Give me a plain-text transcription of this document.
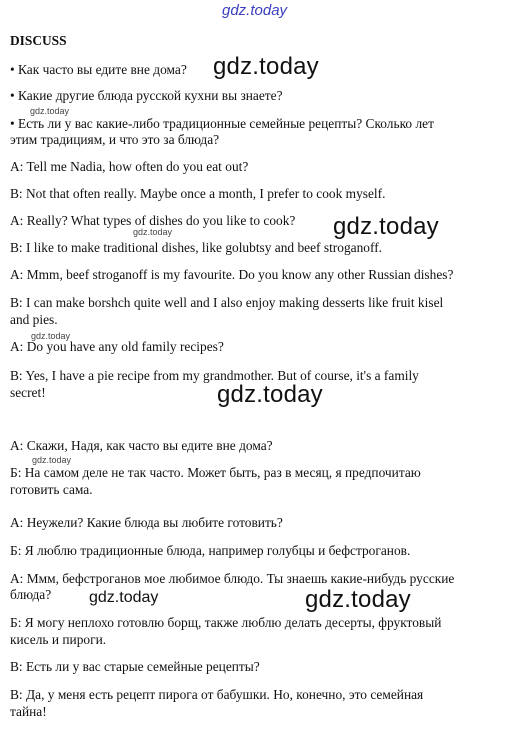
gdz.today
DISCUSS
• Как часто вы едите вне дома?
• Какие другие блюда русской кухни вы знаете?
• Есть ли у вас какие-либо традиционные семейные рецепты? Сколько лет
этим традициям, и что это за блюда?
A: Tell me Nadia, how often do you eat out?
B: Not that often really. Maybe once a month, I prefer to cook myself.
A: Really? What types of dishes do you like to cook?
B: I like to make traditional dishes, like golubtsy and beef stroganoff.
A: Mmm, beef stroganoff is my favourite. Do you know any other Russian dishes?
B: I can make borshch quite well and I also enjoy making desserts like fruit kisel
and pies.
A: Do you have any old family recipes?
B: Yes, I have a pie recipe from my grandmother. But of course, it's a family
secret!
А: Скажи, Надя, как часто вы едите вне дома?
Б: На самом деле не так часто. Может быть, раз в месяц, я предпочитаю
готовить сама.
А: Неужели? Какие блюда вы любите готовить?
Б: Я люблю традиционные блюда, например голубцы и бефстроганов.
А: Ммм, бефстроганов мое любимое блюдо. Ты знаешь какие-нибудь русские
блюда?
Б: Я могу неплохо готовлю борщ, также люблю делать десерты, фруктовый
кисель и пироги.
В: Есть ли у вас старые семейные рецепты?
В: Да, у меня есть рецепт пирога от бабушки. Но, конечно, это семейная
тайна!
gdz.today
gdz.today
gdz.today
gdz.today
gdz.today
gdz.today
gdz.today
gdz.today	gdz.today
